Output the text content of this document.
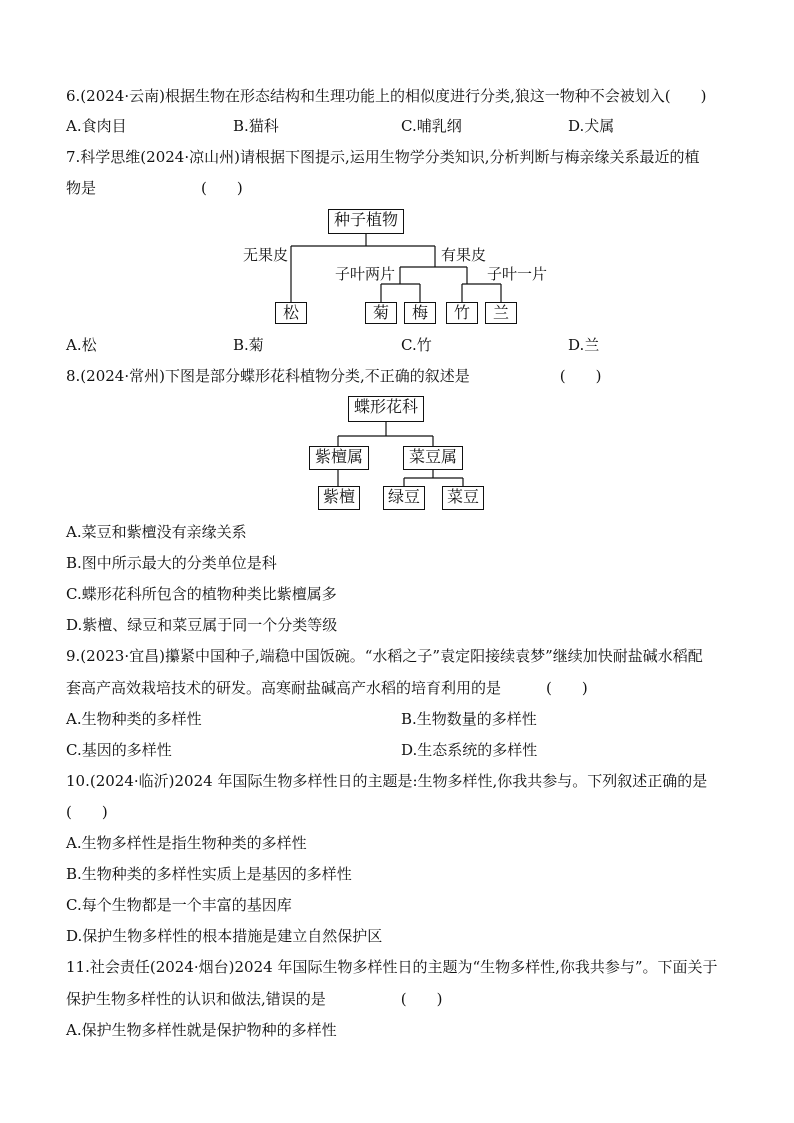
6.(2024·云南)根据生物在形态结构和生理功能上的相似度进行分类,狼这一物种不会被划入(　　)
A.食肉目	B.猫科	C.哺乳纲	D.犬属
7.科学思维(2024·凉山州)请根据下图提示,运用生物学分类知识,分析判断与梅亲缘关系最近的植
物是　　　　　　　(　　)
种子植物
无果皮	有果皮
子叶两片	子叶一片
松	菊	梅	竹	兰
A.松	B.菊	C.竹	D.兰
8.(2024·常州)下图是部分蝶形花科植物分类,不正确的叙述是　　　　　　(　　)
蝶形花科
紫檀属	菜豆属
紫檀	绿豆	菜豆
A.菜豆和紫檀没有亲缘关系
B.图中所示最大的分类单位是科
C.蝶形花科所包含的植物种类比紫檀属多
D.紫檀、绿豆和菜豆属于同一个分类等级
9.(2023·宜昌)攥紧中国种子,端稳中国饭碗。“水稻之子”袁定阳接续袁梦”继续加快耐盐碱水稻配
套高产高效栽培技术的研发。高寒耐盐碱高产水稻的培育利用的是　　　(　　)
A.生物种类的多样性	B.生物数量的多样性
C.基因的多样性	D.生态系统的多样性
10.(2024·临沂)2024 年国际生物多样性日的主题是:生物多样性,你我共参与。下列叙述正确的是
(　　)
A.生物多样性是指生物种类的多样性
B.生物种类的多样性实质上是基因的多样性
C.每个生物都是一个丰富的基因库
D.保护生物多样性的根本措施是建立自然保护区
11.社会责任(2024·烟台)2024 年国际生物多样性日的主题为“生物多样性,你我共参与”。下面关于
保护生物多样性的认识和做法,错误的是　　　　　(　　)
A.保护生物多样性就是保护物种的多样性
